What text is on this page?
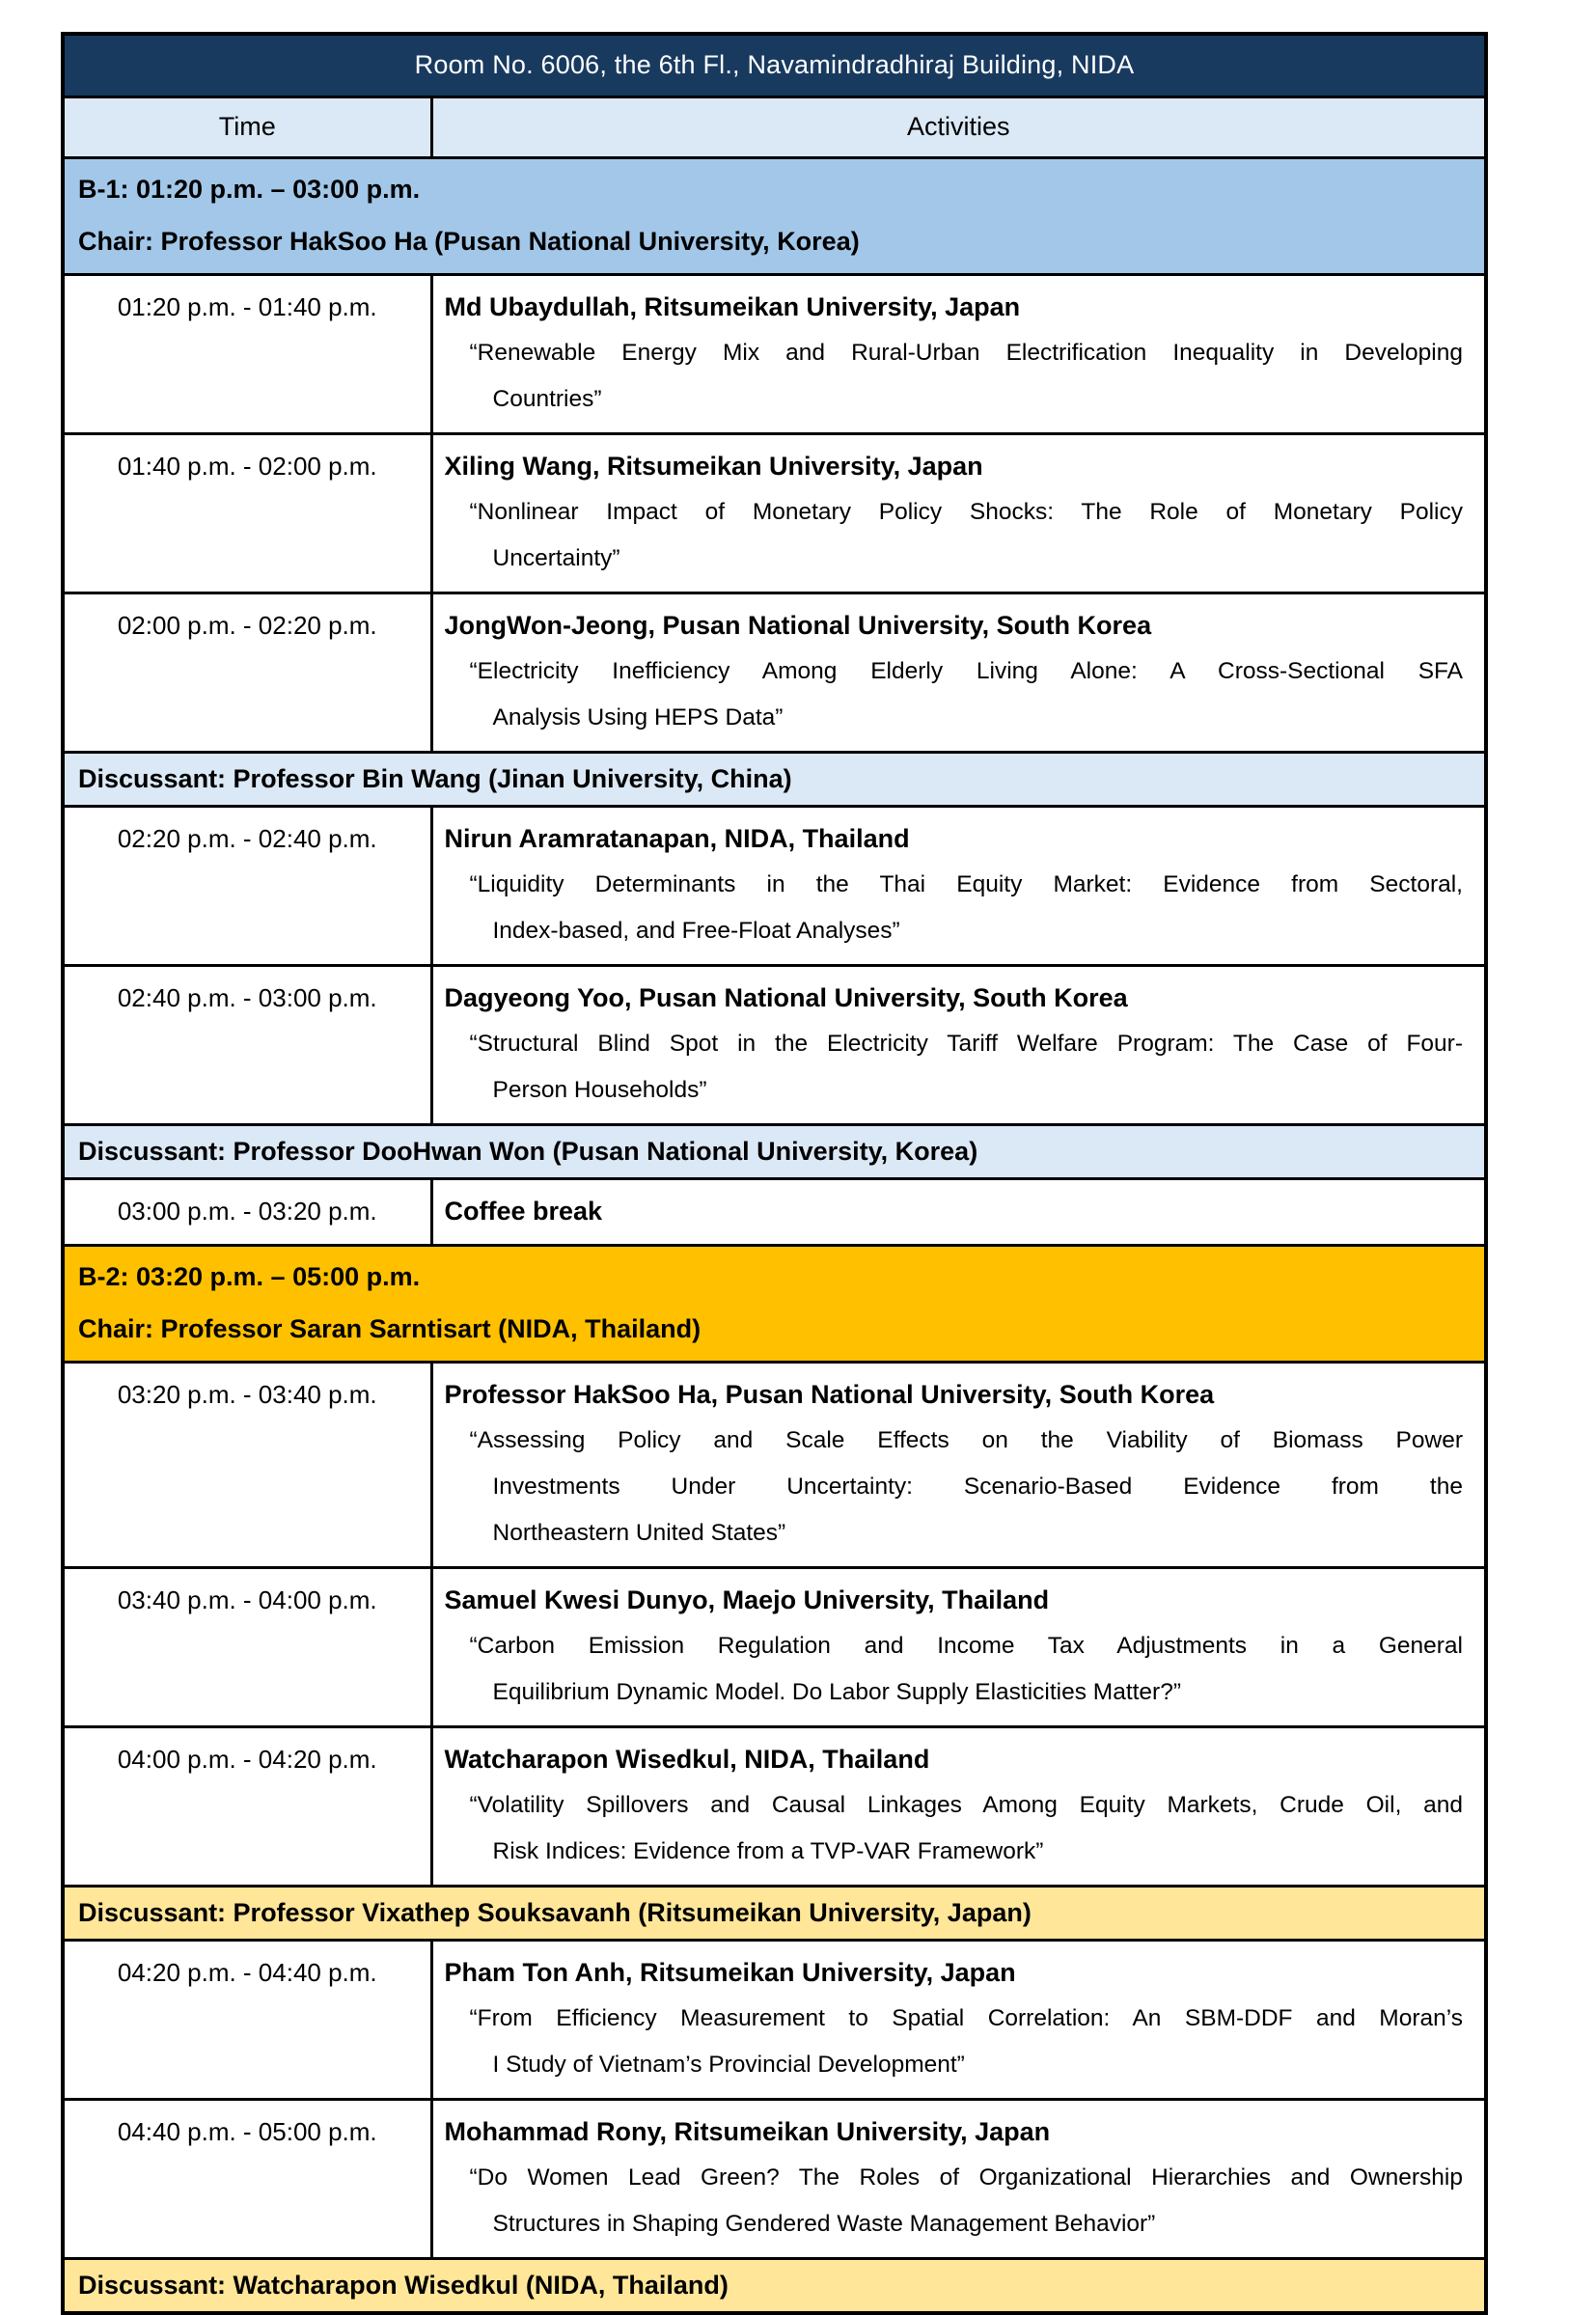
Room No. 6006, the 6th Fl., Navamindradhiraj Building, NIDA	
Time	Activities

B-1: 01:20 p.m. – 03:00 p.m.
Chair: Professor HakSoo Ha (Pusan National University, Korea)	

01:20 p.m. - 01:40 p.m.	Md Ubaydullah, Ritsumeikan University, Japan
“Renewable Energy Mix and Rural-Urban Electrification Inequality in Developing
Countries”

01:40 p.m. - 02:00 p.m.	Xiling Wang, Ritsumeikan University, Japan
“Nonlinear Impact of Monetary Policy Shocks: The Role of Monetary Policy
Uncertainty”

02:00 p.m. - 02:20 p.m.	JongWon-Jeong, Pusan National University, South Korea
“Electricity Inefficiency Among Elderly Living Alone: A Cross-Sectional SFA
Analysis Using HEPS Data”

Discussant: Professor Bin Wang (Jinan University, China)	
02:20 p.m. - 02:40 p.m.	Nirun Aramratanapan, NIDA, Thailand
“Liquidity Determinants in the Thai Equity Market: Evidence from Sectoral,
Index-based, and Free-Float Analyses”

02:40 p.m. - 03:00 p.m.	Dagyeong Yoo, Pusan National University, South Korea
“Structural Blind Spot in the Electricity Tariff Welfare Program: The Case of Four-
Person Households”

Discussant: Professor DooHwan Won (Pusan National University, Korea)	
03:00 p.m. - 03:20 p.m.	Coffee break

B-2: 03:20 p.m. – 05:00 p.m.
Chair: Professor Saran Sarntisart (NIDA, Thailand)	

03:20 p.m. - 03:40 p.m.	Professor HakSoo Ha, Pusan National University, South Korea
“Assessing Policy and Scale Effects on the Viability of Biomass Power
Investments Under Uncertainty: Scenario-Based Evidence from the
Northeastern United States”

03:40 p.m. - 04:00 p.m.	Samuel Kwesi Dunyo, Maejo University, Thailand
“Carbon Emission Regulation and Income Tax Adjustments in a General
Equilibrium Dynamic Model. Do Labor Supply Elasticities Matter?”

04:00 p.m. - 04:20 p.m.	Watcharapon Wisedkul, NIDA, Thailand
“Volatility Spillovers and Causal Linkages Among Equity Markets, Crude Oil, and
Risk Indices: Evidence from a TVP-VAR Framework”

Discussant: Professor Vixathep Souksavanh (Ritsumeikan University, Japan)	
04:20 p.m. - 04:40 p.m.	Pham Ton Anh, Ritsumeikan University, Japan
“From Efficiency Measurement to Spatial Correlation: An SBM-DDF and Moran’s
I Study of Vietnam’s Provincial Development”

04:40 p.m. - 05:00 p.m.	Mohammad Rony, Ritsumeikan University, Japan
“Do Women Lead Green? The Roles of Organizational Hierarchies and Ownership
Structures in Shaping Gendered Waste Management Behavior”

Discussant: Watcharapon Wisedkul (NIDA, Thailand)	
